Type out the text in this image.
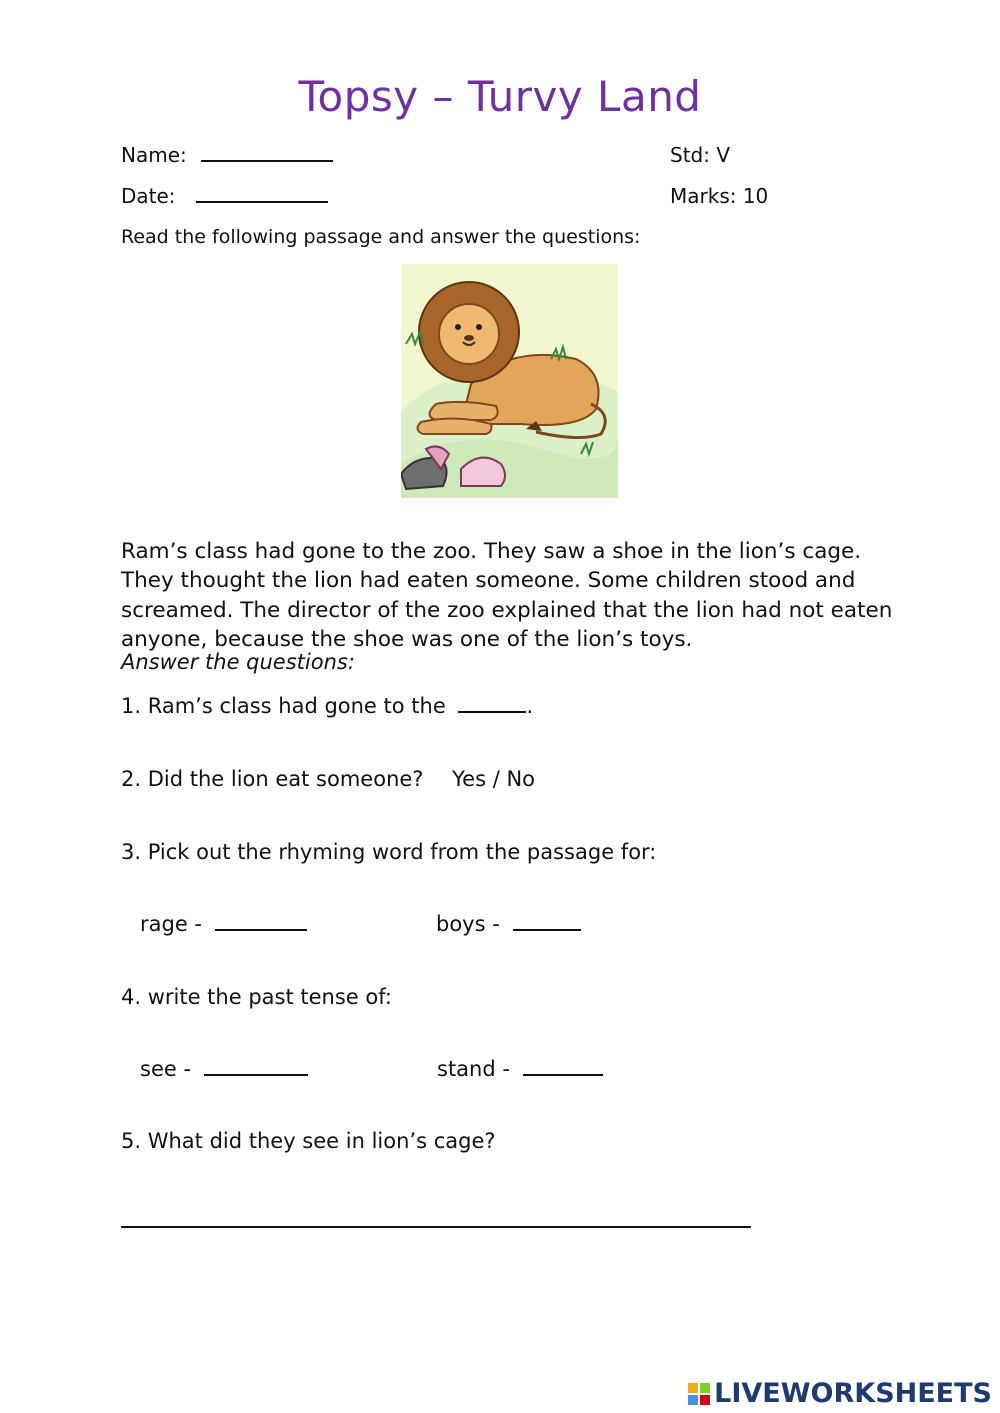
Topsy – Turvy Land
Name:	Std: V
Date:	Marks: 10
Read the following passage and answer the questions:

Ram’s class had gone to the zoo. They saw a shoe in the lion’s cage. They thought the lion had eaten someone. Some children stood and screamed. The director of the zoo explained that the lion had not eaten anyone, because the shoe was one of the lion’s toys.

Answer the questions:
1. Ram’s class had gone to the	.
2. Did the lion eat someone? Yes / No
3. Pick out the rhyming word from the passage for:
rage -	boys -
4. write the past tense of:
see -	stand -
5. What did they see in lion’s cage?
LIVEWORKSHEETS
